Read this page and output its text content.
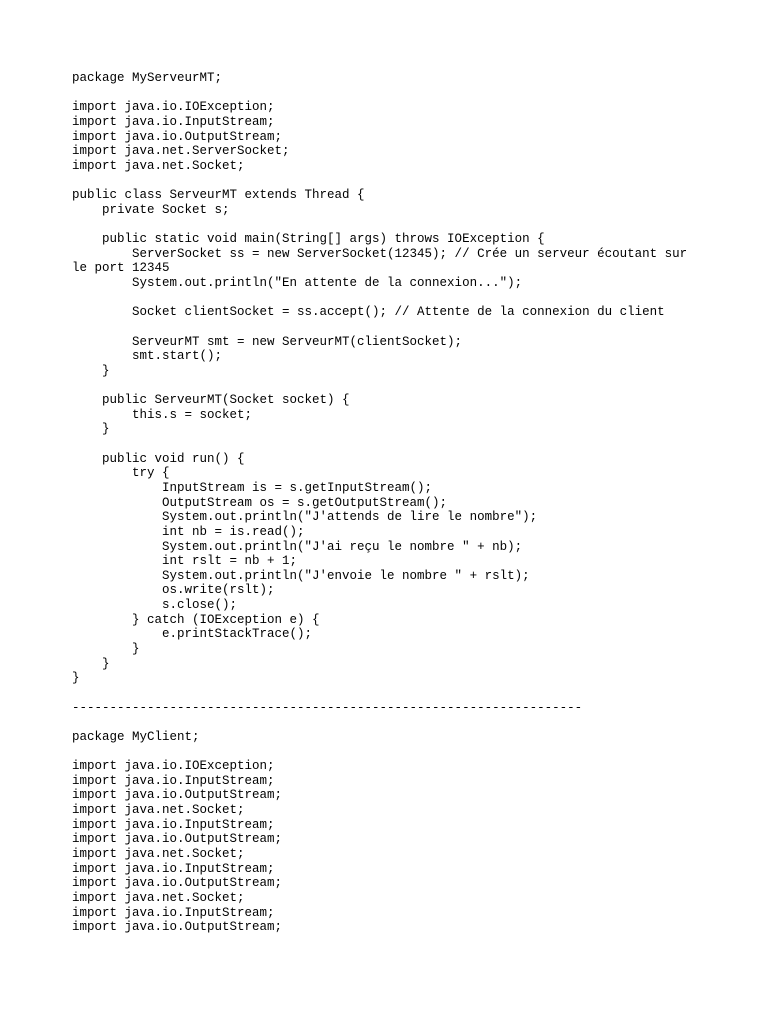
package MyServeurMT;
import java.io.IOException;
import java.io.InputStream;
import java.io.OutputStream;
import java.net.ServerSocket;
import java.net.Socket;
public class ServeurMT extends Thread {
private Socket s;
public static void main(String[] args) throws IOException {
ServerSocket ss = new ServerSocket(12345); // Crée un serveur écoutant sur
le port 12345
System.out.println("En attente de la connexion...");
Socket clientSocket = ss.accept(); // Attente de la connexion du client
ServeurMT smt = new ServeurMT(clientSocket);
smt.start();
}
public ServeurMT(Socket socket) {
this.s = socket;
}
public void run() {
try {
InputStream is = s.getInputStream();
OutputStream os = s.getOutputStream();
System.out.println("J'attends de lire le nombre");
int nb = is.read();
System.out.println("J'ai reçu le nombre " + nb);
int rslt = nb + 1;
System.out.println("J'envoie le nombre " + rslt);
os.write(rslt);
s.close();
} catch (IOException e) {
e.printStackTrace();
}
}
}
--------------------------------------------------------------------
package MyClient;
import java.io.IOException;
import java.io.InputStream;
import java.io.OutputStream;
import java.net.Socket;
import java.io.InputStream;
import java.io.OutputStream;
import java.net.Socket;
import java.io.InputStream;
import java.io.OutputStream;
import java.net.Socket;
import java.io.InputStream;
import java.io.OutputStream;
